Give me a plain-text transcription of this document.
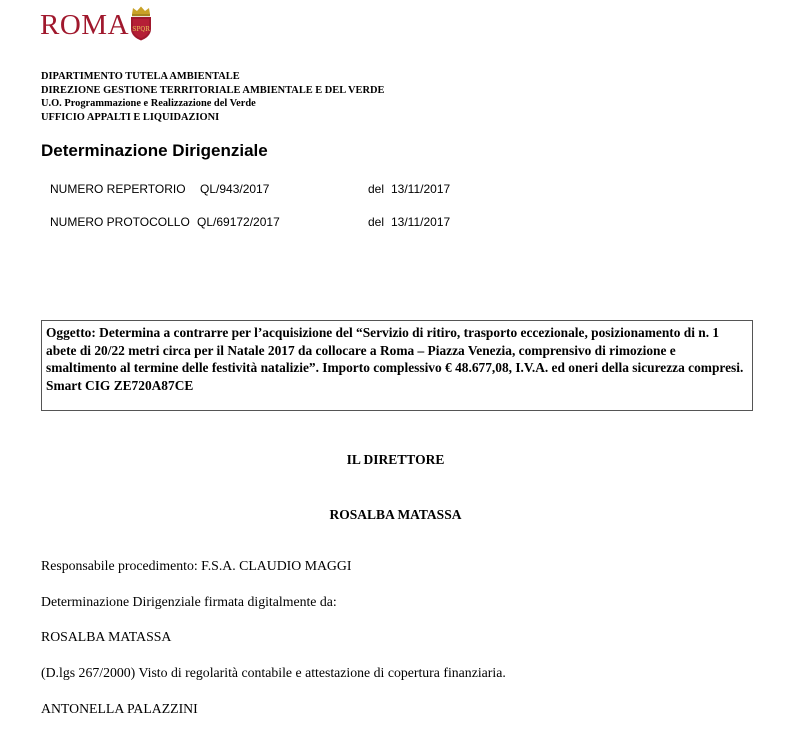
ROMA SPQR
DIPARTIMENTO TUTELA AMBIENTALE
DIREZIONE GESTIONE TERRITORIALE AMBIENTALE E DEL VERDE
U.O. Programmazione e Realizzazione del Verde
UFFICIO APPALTI E LIQUIDAZIONI
Determinazione Dirigenziale
NUMERO REPERTORIO QL/943/2017	del 13/11/2017
NUMERO PROTOCOLLO QL/69172/2017	del 13/11/2017
Oggetto: Determina a contrarre per l’acquisizione del “Servizio di ritiro, trasporto eccezionale, posizionamento di n. 1 abete di 20/22 metri circa per il Natale 2017 da collocare a Roma – Piazza Venezia, comprensivo di rimozione e smaltimento al termine delle festività natalizie”. Importo complessivo € 48.677,08, I.V.A. ed oneri della sicurezza compresi. Smart CIG ZE720A87CE
IL DIRETTORE
ROSALBA MATASSA
Responsabile procedimento: F.S.A. CLAUDIO MAGGI
Determinazione Dirigenziale firmata digitalmente da:
ROSALBA MATASSA
(D.lgs 267/2000) Visto di regolarità contabile e attestazione di copertura finanziaria.
ANTONELLA PALAZZINI
